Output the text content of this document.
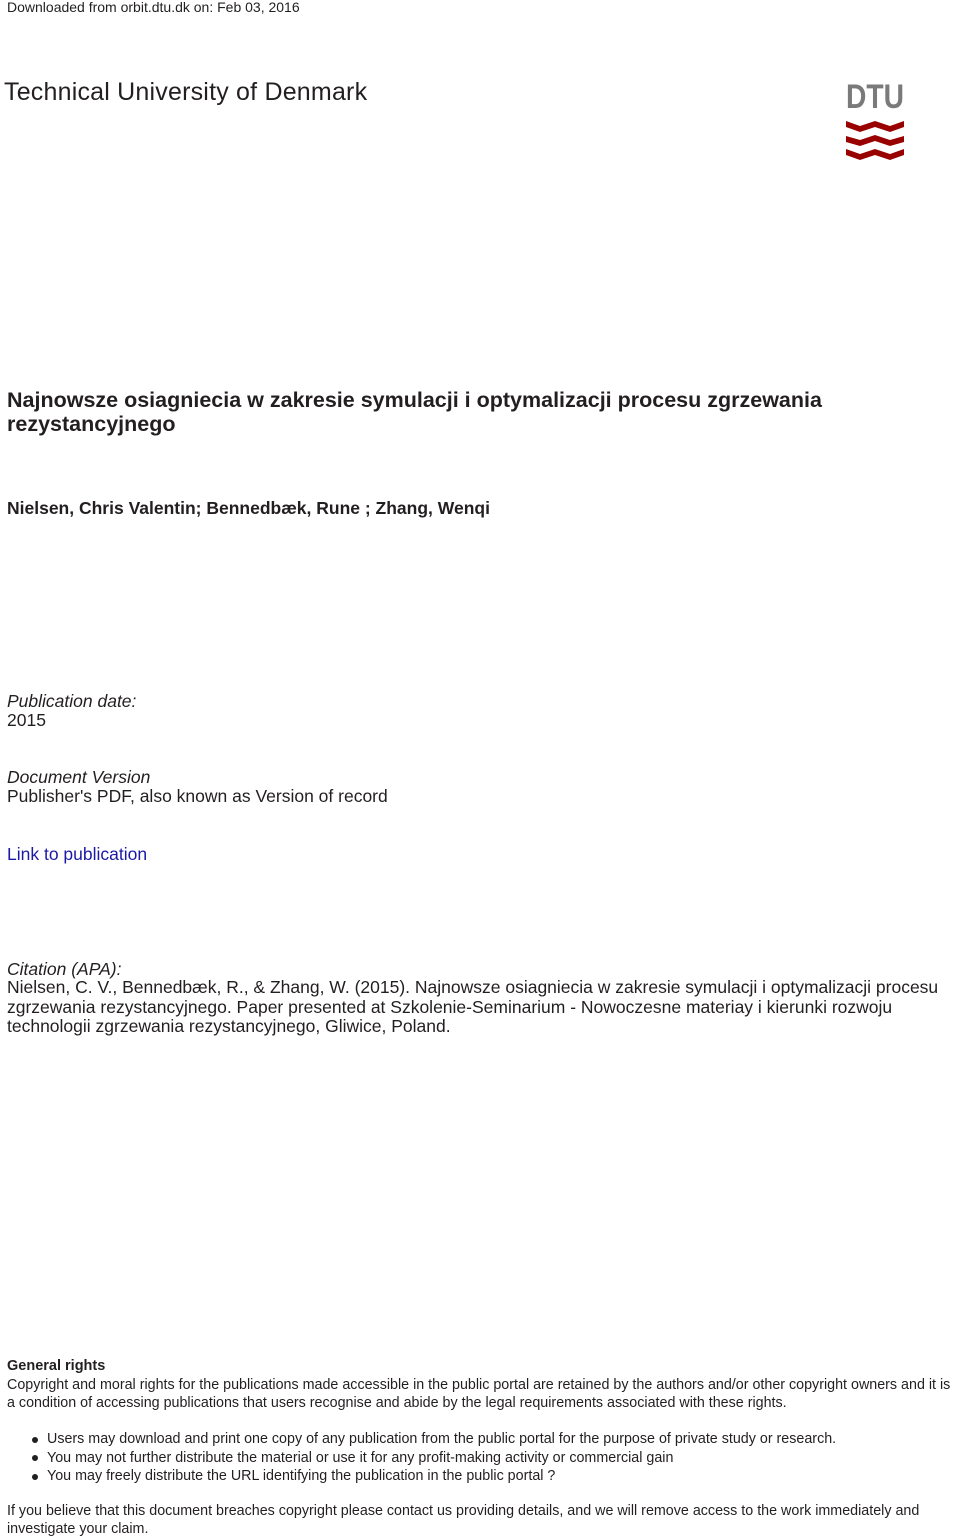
Downloaded from orbit.dtu.dk on: Feb 03, 2016
Technical University of Denmark	DTU
Najnowsze osiagniecia w zakresie symulacji i optymalizacji procesu zgrzewania rezystancyjnego
Nielsen, Chris Valentin; Bennedbæk, Rune ; Zhang, Wenqi
Publication date:
2015
Document Version
Publisher's PDF, also known as Version of record
Link to publication
Citation (APA):
Nielsen, C. V., Bennedbæk, R., & Zhang, W. (2015). Najnowsze osiagniecia w zakresie symulacji i optymalizacji procesu zgrzewania rezystancyjnego. Paper presented at Szkolenie-Seminarium - Nowoczesne materiay i kierunki rozwoju technologii zgrzewania rezystancyjnego, Gliwice, Poland.
General rights
Copyright and moral rights for the publications made accessible in the public portal are retained by the authors and/or other copyright owners and it is a condition of accessing publications that users recognise and abide by the legal requirements associated with these rights.
Users may download and print one copy of any publication from the public portal for the purpose of private study or research.
You may not further distribute the material or use it for any profit-making activity or commercial gain
You may freely distribute the URL identifying the publication in the public portal ?
If you believe that this document breaches copyright please contact us providing details, and we will remove access to the work immediately and investigate your claim.
